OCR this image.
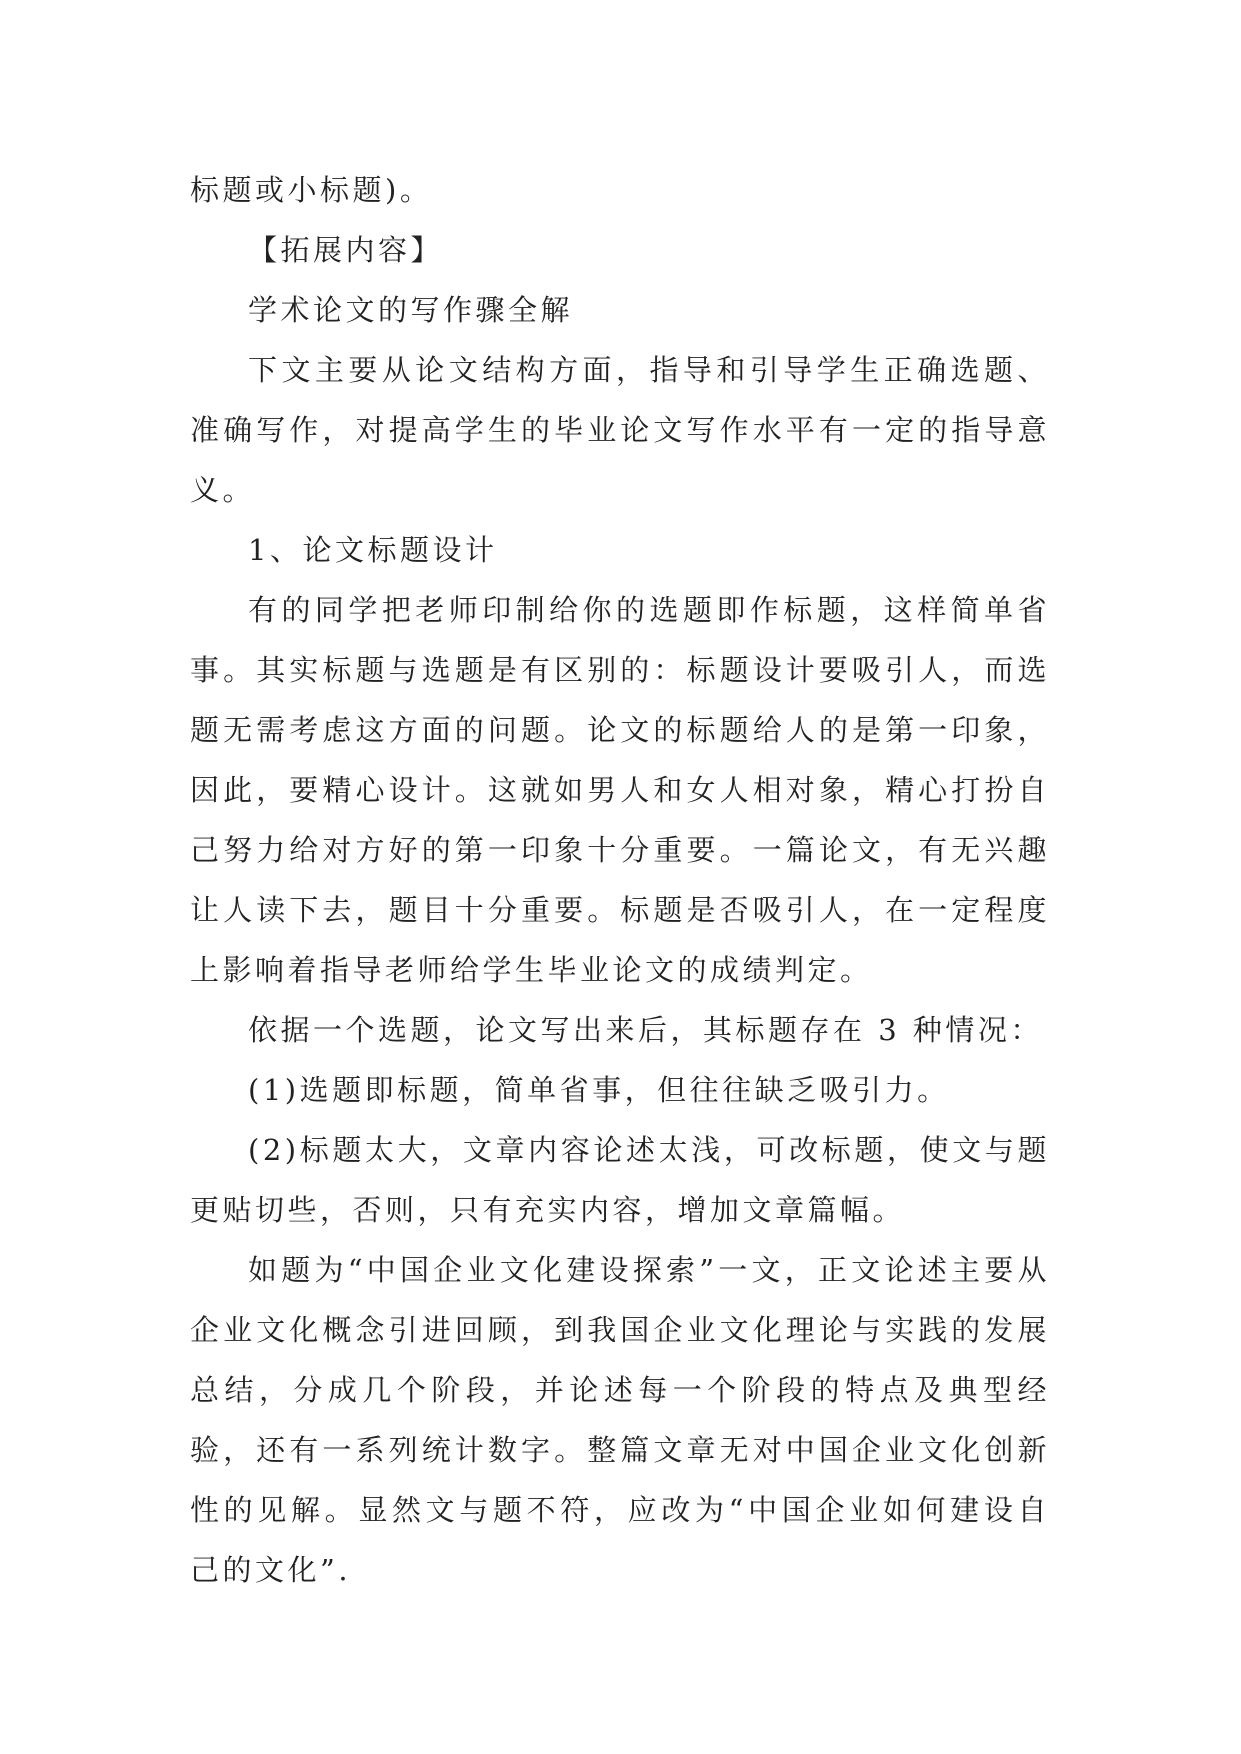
标题或小标题)。

【拓展内容】

学术论文的写作骤全解

下文主要从论文结构方面，指导和引导学生正确选题、准确写作，对提高学生的毕业论文写作水平有一定的指导意义。

1、论文标题设计

有的同学把老师印制给你的选题即作标题，这样简单省事。其实标题与选题是有区别的：标题设计要吸引人，而选题无需考虑这方面的问题。论文的标题给人的是第一印象，因此，要精心设计。这就如男人和女人相对象，精心打扮自己努力给对方好的第一印象十分重要。一篇论文，有无兴趣让人读下去，题目十分重要。标题是否吸引人，在一定程度上影响着指导老师给学生毕业论文的成绩判定。

依据一个选题，论文写出来后，其标题存在 3 种情况：

(1)选题即标题，简单省事，但往往缺乏吸引力。

(2)标题太大，文章内容论述太浅，可改标题，使文与题更贴切些，否则，只有充实内容，增加文章篇幅。

如题为“中国企业文化建设探索”一文，正文论述主要从企业文化概念引进回顾，到我国企业文化理论与实践的发展总结，分成几个阶段，并论述每一个阶段的特点及典型经验，还有一系列统计数字。整篇文章无对中国企业文化创新性的见解。显然文与题不符，应改为“中国企业如何建设自己的文化”.
